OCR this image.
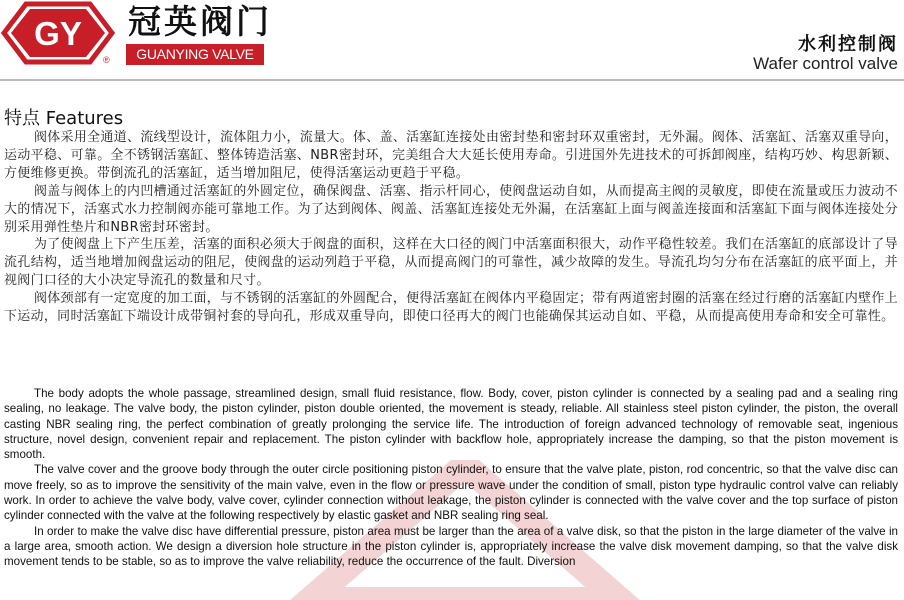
GY
®
冠英阀门
GUANYING VALVE	水利控制阀
Wafer control valve
特点 Features

阀体采用全通道、流线型设计，流体阻力小，流量大。体、盖、活塞缸连接处由密封垫和密封环双重密封，无外漏。阀体、活塞缸、活塞双重导向，运动平稳、可靠。全不锈钢活塞缸、整体铸造活塞、NBR密封环，完美组合大大延长使用寿命。引进国外先进技术的可拆卸阀座，结构巧妙、构思新颖、方便维修更换。带倒流孔的活塞缸，适当增加阻尼，使得活塞运动更趋于平稳。

阀盖与阀体上的内凹槽通过活塞缸的外圆定位，确保阀盘、活塞、指示杆同心，使阀盘运动自如，从而提高主阀的灵敏度，即使在流量或压力波动不大的情况下，活塞式水力控制阀亦能可靠地工作。为了达到阀体、阀盖、活塞缸连接处无外漏，在活塞缸上面与阀盖连接面和活塞缸下面与阀体连接处分别采用弹性垫片和NBR密封环密封。

为了使阀盘上下产生压差，活塞的面积必须大于阀盘的面积，这样在大口径的阀门中活塞面积很大，动作平稳性较差。我们在活塞缸的底部设计了导流孔结构，适当地增加阀盘运动的阻尼，使阀盘的运动列趋于平稳，从而提高阀门的可靠性，减少故障的发生。导流孔均匀分布在活塞缸的底平面上，并视阀门口径的大小决定导流孔的数量和尺寸。

阀体颈部有一定宽度的加工面，与不锈钢的活塞缸的外圆配合，便得活塞缸在阀体内平稳固定；带有两道密封圈的活塞在经过行磨的活塞缸内壁作上下运动，同时活塞缸下端设计成带铜衬套的导向孔，形成双重导向，即使口径再大的阀门也能确保其运动自如、平稳，从而提高使用寿命和安全可靠性。

The body adopts the whole passage, streamlined design, small fluid resistance, flow. Body, cover, piston cylinder is connected by a sealing pad and a sealing ring sealing, no leakage. The valve body, the piston cylinder, piston double oriented, the movement is steady, reliable. All stainless steel piston cylinder, the piston, the overall casting NBR sealing ring, the perfect combination of greatly prolonging the service life. The introduction of foreign advanced technology of removable seat, ingenious structure, novel design, convenient repair and replacement. The piston cylinder with backflow hole, appropriately increase the damping, so that the piston movement is smooth.

The valve cover and the groove body through the outer circle positioning piston cylinder, to ensure that the valve plate, piston, rod concentric, so that the valve disc can move freely, so as to improve the sensitivity of the main valve, even in the flow or pressure wave under the condition of small, piston type hydraulic control valve can reliably work. In order to achieve the valve body, valve cover, cylinder connection without leakage, the piston cylinder is connected with the valve cover and the top surface of piston cylinder connected with the valve at the following respectively by elastic gasket and NBR sealing ring seal.

In order to make the valve disc have differential pressure, piston area must be larger than the area of a valve disk, so that the piston in the large diameter of the valve in a large area, smooth action. We design a diversion hole structure in the piston cylinder is, appropriately increase the valve disk movement damping, so that the valve disk movement tends to be stable, so as to improve the valve reliability, reduce the occurrence of the fault. Diversion
